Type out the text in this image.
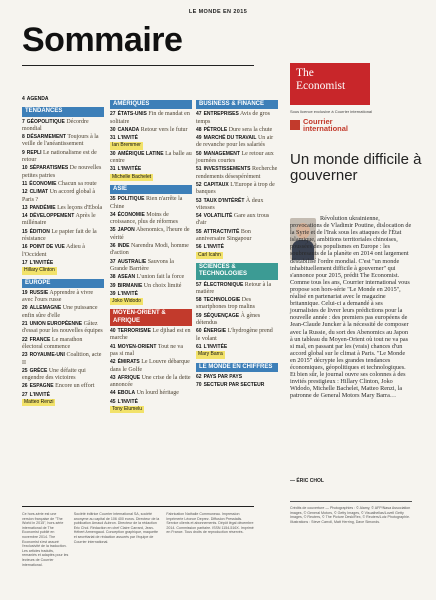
LE MONDE EN 2015
Sommaire
4 AGENDA
TENDANCES
7 GÉOPOLITIQUE Décordre mondial
8 DÉSARMEMENT Toujours à la veille de l'anéantissement
9 REPLI Le nationalisme est de retour
10 SÉPARATISMES De nouvelles petites patries
11 ÉCONOMIE Chacun sa route
12 CLIMAT Un accord global à Paris ?
13 PANDÉMIE Les leçons d'Ebola
14 DÉVELOPPEMENT Après le millénaire
15 ÉDITION Le papier fait de la résistance
16 POINT DE VUE Adieu à l'Occident
17 L'INVITÉE
Hillary Clinton
EUROPE
19 RUSSIE Apprendre à vivre avec l'ours russe
20 ALLEMAGNE Une puissance enfin sûre d'elle
21 UNION EUROPÉENNE Gâtez d'essai pour les nouvelles équipes
22 FRANCE Le marathon électoral commence
23 ROYAUME-UNI Coalition, acte II
25 GRÈCE Une défaite qui engendre des victoires
26 ESPAGNE Encore un effort
27 L'INVITÉ
Matteo Renzi
AMÉRIQUES
27 ÉTATS-UNIS Fin de mandat en solitaire
30 CANADA Retour vers le futur
31 L'INVITÉ
Ian Bremmer
30 AMÉRIQUE LATINE La balle au centre
31 L'INVITÉE
Michelle Bachelet
ASIE
35 POLITIQUE Rien n'arrête la Chine
34 ÉCONOMIE Moins de croissance, plus de réformes
35 JAPON Abenomics, l'heure de vérité
36 INDE Narendra Modi, homme d'action
37 AUSTRALIE Sauvons la Grande Barrière
38 ASEAN L'union fait la force
39 BIRMANIE Un choix limité
39 L'INVITÉ
Joko Widodo
MOYEN-ORIENT & AFRIQUE
40 TERRORISME Le djihad est en marche
41 MOYEN-ORIENT Tout ne va pas si mal
42 ÉMIRATS Le Louvre débarque dans le Golfe
43 AFRIQUE Une crise de la dette annoncée
44 EBOLA Un lourd héritage
45 L'INVITÉ
Tony Elumelu
BUSINESS & FINANCE
47 ENTREPRISES Avis de gros temps
48 PÉTROLE Dure sera la chute
49 MARCHÉ DU TRAVAIL Un air de revanche pour les salariés
50 MANAGEMENT Le retour aux journées courtes
51 INVESTISSEMENTS Recherche rendements désespérément
52 CAPITAUX L'Europe à trop de banques
53 TAUX D'INTÉRÊT À deux vitesses
54 VOLATILITÉ Gare aux trous d'air
55 ATTRACTIVITÉ Bon anniversaire Singapour
56 L'INVITÉ
Carl Icahn
SCIENCES & TECHNOLOGIES
57 ÉLECTRONIQUE Retour à la matière
58 TECHNOLOGIE Des smartphones trop malins
59 SÉQUENÇAGE À gènes détendus
60 ÉNERGIE L'hydrogène prend le volant
61 L'INVITÉE
Mary Barra
LE MONDE EN CHIFFRES
62 PAYS PAR PAYS
70 SECTEUR PAR SECTEUR
Ce hors-série est une version française de "The World in 2015", hors-série international de The Economist publié en novembre 2014. The Economist s'est assuré l'exclusivité de la traduction. Les articles traduits, remaniés et adaptés pour les lecteurs de Courrier international.
Société éditrice Courrier international SA, société anonyme au capital de 106 400 euros. Directeur de la publication Arnaud Aubron. Directeur de la rédaction Eric Chol. Rédaction en chef Claire Carrard, Jean-Hébert Armengaud. Conception graphique, maquette et secrétariat de rédaction assurés par l'équipe de Courrier international.
Fabrication Nathalie Communeau. Impression Imprimerie Léonce Deprez. Diffusion Presstalis. Service clients et abonnements. Dépôt légal décembre 2014. Commission paritaire. ISSN 1154-516X. Imprimé en France. Tous droits de reproduction réservés.
The
Economist
Sous licence exclusive à Courrier international
Courrier
international
Un monde difficile à gouverner
Révolution ukrainienne, provocations de Vladimir Poutine, dislocation de la Syrie et de l'Irak sous les attaques de l'État islamique, ambitions territoriales chinoises, poussées des populismes en Europe : les soubresauts de la planète en 2014 ont largement déstabilisé l'ordre mondial. C'est "un monde inhabituellement difficile à gouverner" qui s'annonce pour 2015, prédit The Economist. Comme tous les ans, Courrier international vous propose son hors-série "Le Monde en 2015", réalisé en partenariat avec le magazine britannique. Celui-ci a demandé à ses journalistes de livrer leurs prédictions pour la nouvelle année : des premiers pas européens de Jean-Claude Juncker à la nécessité de composer avec la Russie, du sort des Abenomics au Japon à un tableau du Moyen-Orient où tout ne va pas si mal, en passant par les (vrais) chances d'un accord global sur le climat à Paris. "Le Monde en 2015" décrypte les grandes tendances économiques, géopolitiques et technologiques. Et bien sûr, le journal ouvre ses colonnes à des invités prestigieux : Hillary Clinton, Joko Widodo, Michelle Bachelet, Matteo Renzi, la patronne de General Motors Mary Barra…
— ÉRIC CHOL
Crédits de couverture — Photographies : © Alamy, © AFP/Nasa Association images, © General Motors, © Getty Images, © Visualhellas/Lovell Getty Images, © Reuters, © The Picture Desk/Rex, © Reuters/Lutz Photographie. Illustrations : Steve Carroll, Matt Herring, Dave Simonds.
